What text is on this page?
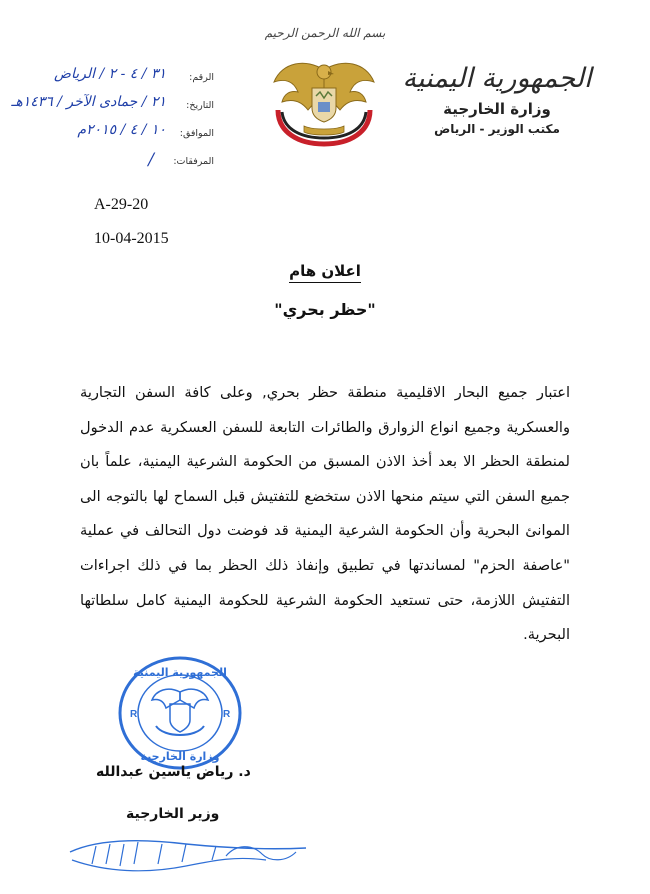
بسم الله الرحمن الرحيم
الجمهورية اليمنية
وزارة الخارجية
مكتب الوزير - الرياض
الرقم:
٣١ / ٤ - ٢ / الرياض
التاريخ:
٢١ / جمادى الآخر / ١٤٣٦هـ
الموافق:
١٠ / ٤ / ٢٠١٥م
المرفقات:
/
A-29-20
10-04-2015
اعلان هام
"حظر بحري"
اعتبار جميع البحار الاقليمية منطقة حظر بحري, وعلى كافة السفن التجارية والعسكرية وجميع انواع الزوارق والطائرات التابعة للسفن العسكرية عدم الدخول لمنطقة الحظر الا بعد أخذ الاذن المسبق من الحكومة الشرعية اليمنية، علماً بان جميع السفن التي سيتم منحها الاذن ستخضع للتفتيش قبل السماح لها بالتوجه الى الموانئ البحرية وأن الحكومة الشرعية اليمنية قد فوضت دول التحالف في عملية "عاصفة الحزم" لمساندتها في تطبيق وإنفاذ ذلك الحظر بما في ذلك اجراءات التفتيش اللازمة، حتى تستعيد الحكومة الشرعية للحكومة اليمنية كامل سلطاتها البحرية.
R	R
الجمهورية اليمنية
وزارة الخارجية
د. رياض ياسين عبدالله
وزير الخارجية
